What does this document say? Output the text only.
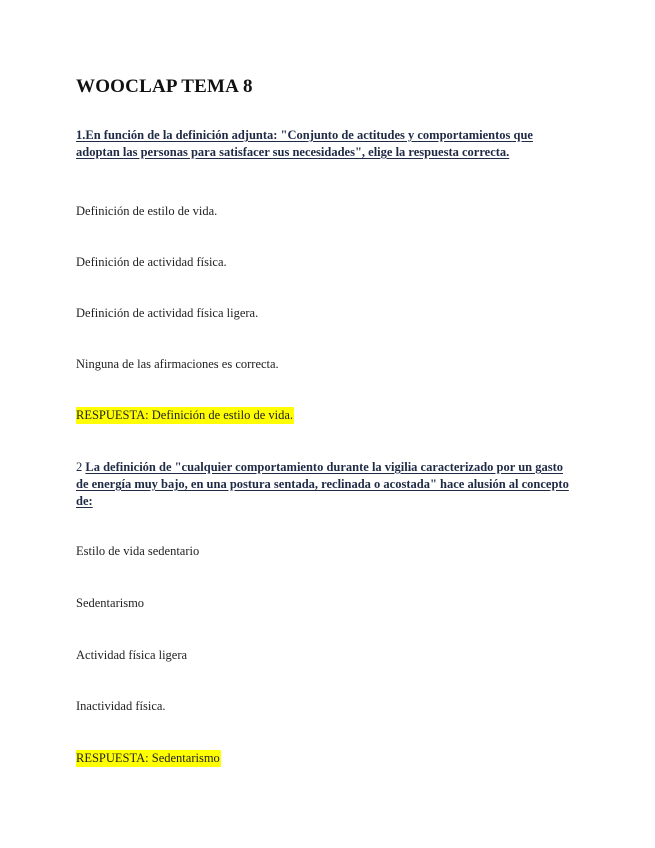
WOOCLAP TEMA 8

1.En función de la definición adjunta: "Conjunto de actitudes y comportamientos que adoptan las personas para satisfacer sus necesidades", elige la respuesta correcta.

Definición de estilo de vida.

Definición de actividad física.

Definición de actividad física ligera.

Ninguna de las afirmaciones es correcta.

RESPUESTA: Definición de estilo de vida.

2 La definición de "cualquier comportamiento durante la vigilia caracterizado por un gasto de energía muy bajo, en una postura sentada, reclinada o acostada" hace alusión al concepto de:

Estilo de vida sedentario

Sedentarismo

Actividad física ligera

Inactividad física.

RESPUESTA: Sedentarismo
